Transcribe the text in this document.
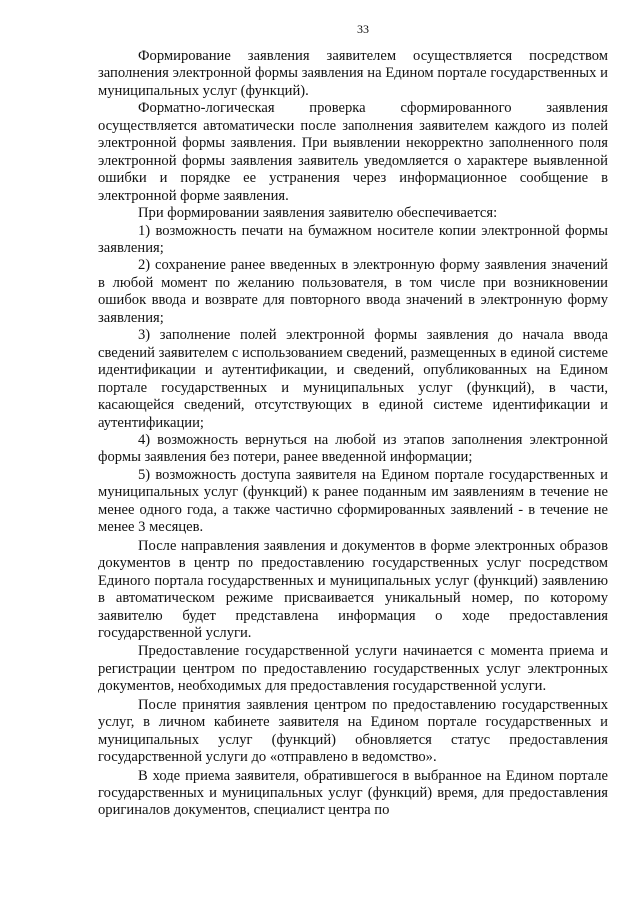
33

Формирование заявления заявителем осуществляется посредством заполнения электронной формы заявления на Едином портале государственных и муниципальных услуг (функций).

Форматно-логическая проверка сформированного заявления осуществляется автоматически после заполнения заявителем каждого из полей электронной формы заявления. При выявлении некорректно заполненного поля электронной формы заявления заявитель уведомляется о характере выявленной ошибки и порядке ее устранения через информационное сообщение в электронной форме заявления.

При формировании заявления заявителю обеспечивается:

1) возможность печати на бумажном носителе копии электронной формы заявления;

2) сохранение ранее введенных в электронную форму заявления значений в любой момент по желанию пользователя, в том числе при возникновении ошибок ввода и возврате для повторного ввода значений в электронную форму заявления;

3) заполнение полей электронной формы заявления до начала ввода сведений заявителем с использованием сведений, размещенных в единой системе идентификации и аутентификации, и сведений, опубликованных на Едином портале государственных и муниципальных услуг (функций), в части, касающейся сведений, отсутствующих в единой системе идентификации и аутентификации;

4) возможность вернуться на любой из этапов заполнения электронной формы заявления без потери, ранее введенной информации;

5) возможность доступа заявителя на Едином портале государственных и муниципальных услуг (функций) к ранее поданным им заявлениям в течение не менее одного года, а также частично сформированных заявлений - в течение не менее 3 месяцев.

После направления заявления и документов в форме электронных образов документов в центр по предоставлению государственных услуг посредством Единого портала государственных и муниципальных услуг (функций) заявлению в автоматическом режиме присваивается уникальный номер, по которому заявителю будет представлена информация о ходе предоставления государственной услуги.

Предоставление государственной услуги начинается с момента приема и регистрации центром по предоставлению государственных услуг электронных документов, необходимых для предоставления государственной услуги.

После принятия заявления центром по предоставлению государственных услуг, в личном кабинете заявителя на Едином портале государственных и муниципальных услуг (функций) обновляется статус предоставления государственной услуги до «отправлено в ведомство».

В ходе приема заявителя, обратившегося в выбранное на Едином портале государственных и муниципальных услуг (функций) время, для предоставления оригиналов документов, специалист центра по
